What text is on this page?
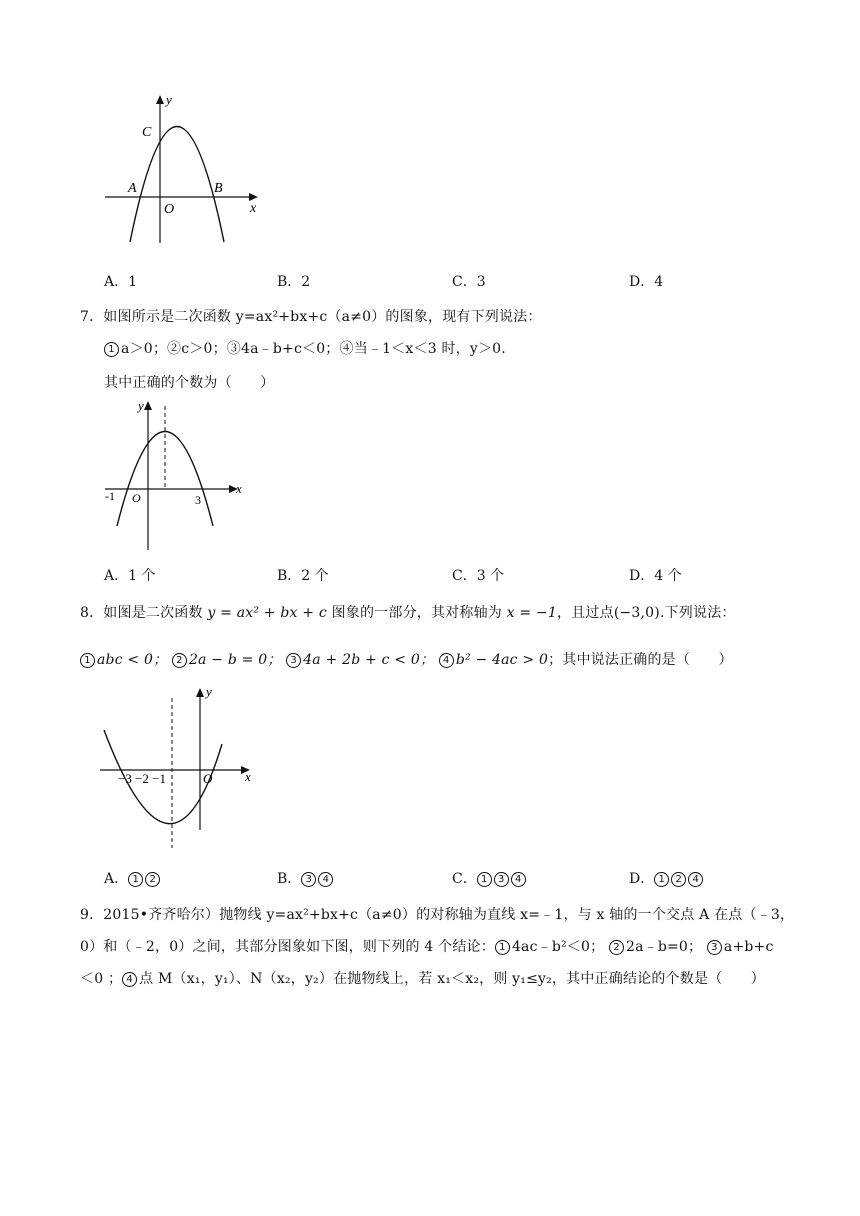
y
x
C
A	B
O
A．1	B．2	C．3	D．4
7．如图所示是二次函数 y=ax²+bx+c（a≠0）的图象，现有下列说法：
1 a＞0；②c＞0；③4a﹣b+c＜0；④当﹣1＜x＜3 时，y＞0.
其中正确的个数为（　　）
y
x
-1 O	3
A．1 个	B．2 个	C．3 个	D．4 个
8．如图是二次函数 y = ax² + bx + c 图象的一部分，其对称轴为 x = −1，且过点(−3,0).下列说法：
1 abc < 0； 2 2a − b = 0； 3 4a + 2b + c < 0； 4 b² − 4ac > 0；其中说法正确的是（　　）
y
x
−3 −2 −1	O
A． 1 2	B． 3 4	C． 1 3 4	D． 1 2 4
9．2015•齐齐哈尔）抛物线 y=ax²+bx+c（a≠0）的对称轴为直线 x=﹣1，与 x 轴的一个交点 A 在点（﹣3，
0）和（﹣2，0）之间，其部分图象如下图，则下列的 4 个结论： 1 4ac﹣b²＜0； 2 2a﹣b=0； 3 a+b+c
＜0 ； 4 点 M（x₁，y₁）、N（x₂，y₂）在抛物线上，若 x₁＜x₂，则 y₁≤y₂，其中正确结论的个数是（　　）
